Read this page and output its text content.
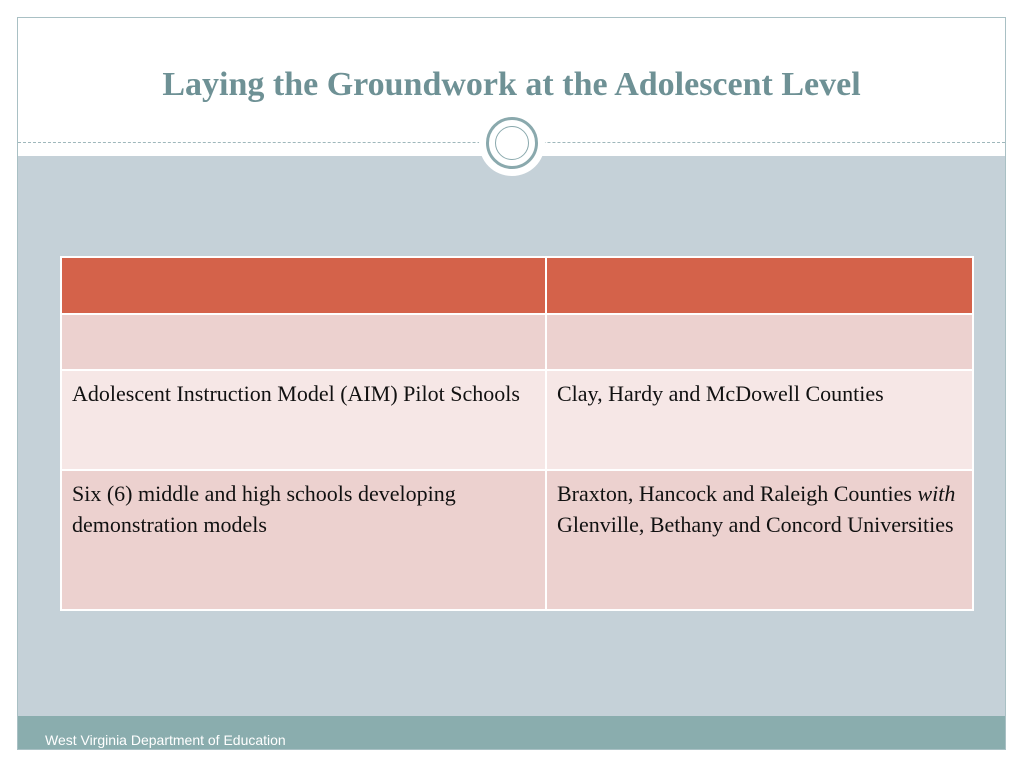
Laying the Groundwork at the Adolescent Level

Adolescent Instruction Model (AIM) Pilot Schools	Clay, Hardy and McDowell Counties
Six (6) middle and high schools developing demonstration models	Braxton, Hancock and Raleigh Counties with Glenville, Bethany and Concord Universities
West Virginia Department of Education
